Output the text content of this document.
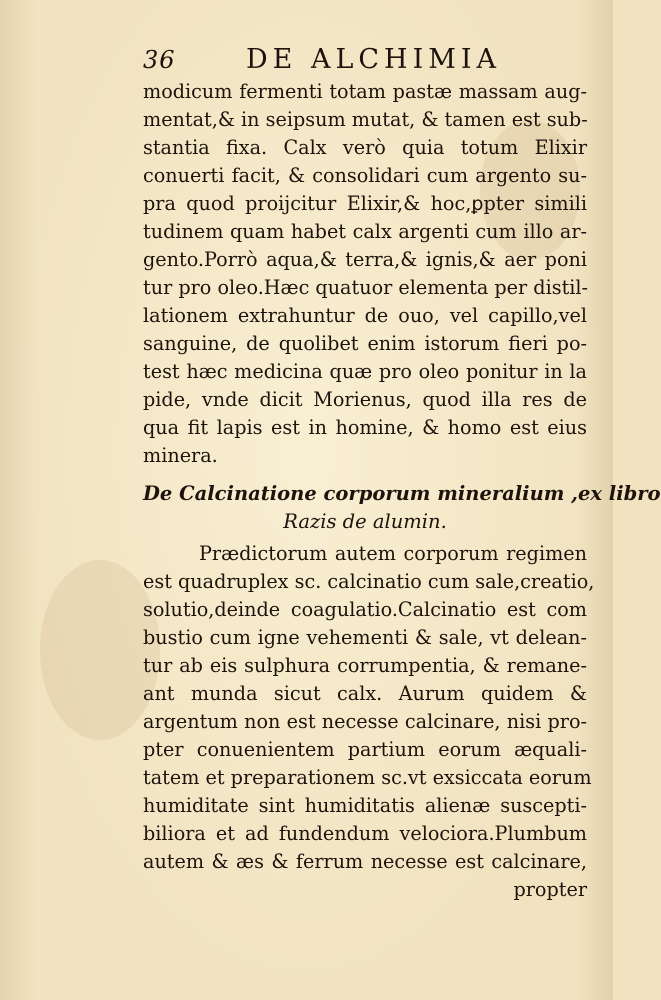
36	DE ALCHIMIA
modicum fermenti totam pastæ massam aug-
mentat,& in seipsum mutat, & tamen est sub-
stantia fixa. Calx verò quia totum Elixir
conuerti facit, & consolidari cum argento su-
pra quod proijcitur Elixir,& hoc,ꝑpter simili
tudinem quam habet calx argenti cum illo ar-
gento.Porrò aqua,& terra,& ignis,& aer poni
tur pro oleo.Hæc quatuor elementa per distil-
lationem extrahuntur de ouo, vel capillo,vel
sanguine, de quolibet enim istorum fieri po-
test hæc medicina quæ pro oleo ponitur in la
pide, vnde dicit Morienus, quod illa res de
qua fit lapis est in homine, & homo est eius
minera.
De Calcinatione corporum mineralium ,ex libro
Razis de alumin.
Prædictorum autem corporum regimen
est quadruplex sc. calcinatio cum sale,creatio,
solutio,deinde coagulatio.Calcinatio est com
bustio cum igne vehementi & sale, vt delean-
tur ab eis sulphura corrumpentia, & remane-
ant munda sicut calx. Aurum quidem &
argentum non est necesse calcinare, nisi pro-
pter conuenientem partium eorum æquali-
tatem et preparationem sc.vt exsiccata eorum
humiditate sint humiditatis alienæ suscepti-
biliora et ad fundendum velociora.Plumbum
autem & æs & ferrum necesse est calcinare,
propter
